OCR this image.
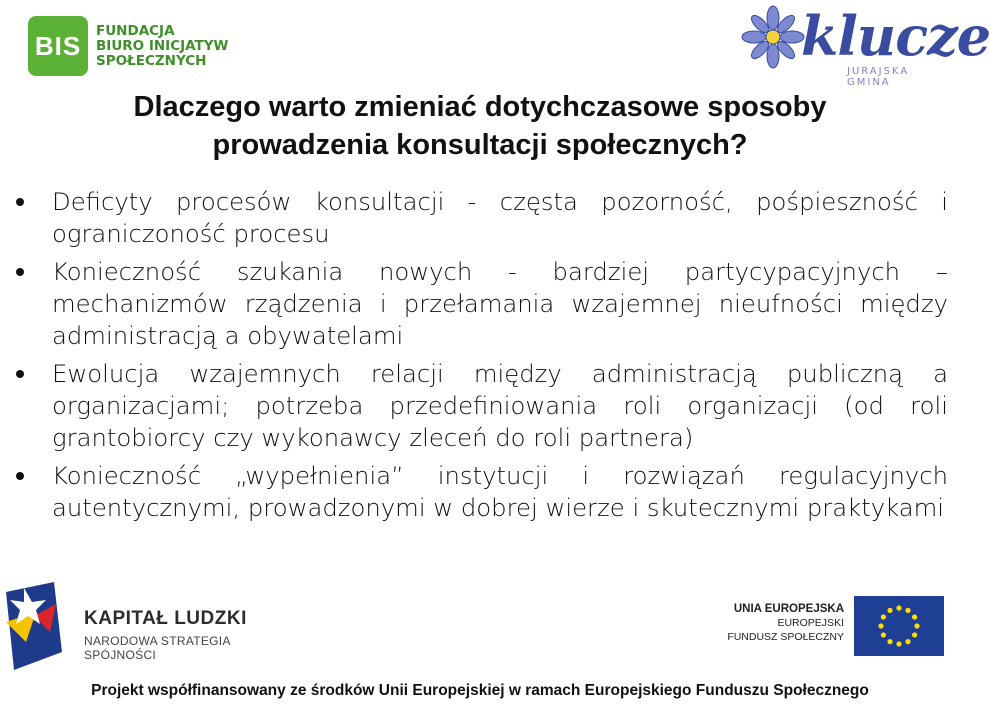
BIS	FUNDACJA
BIURO INICJATYW
SPOŁECZNYCH	klucze
JURAJSKA GMINA
Dlaczego warto zmieniać dotychczasowe sposoby
prowadzenia konsultacji społecznych?
Deficyty procesów konsultacji - częsta pozorność, pośpieszność i ograniczoność procesu
Konieczność szukania nowych - bardziej partycypacyjnych – mechanizmów rządzenia i przełamania wzajemnej nieufności między administracją a obywatelami
Ewolucja wzajemnych relacji między administracją publiczną a organizacjami; potrzeba przedefiniowania roli organizacji (od roli grantobiorcy czy wykonawcy zleceń do roli partnera)
Konieczność „wypełnienia” instytucji i rozwiązań regulacyjnych autentycznymi, prowadzonymi w dobrej wierze i skutecznymi praktykami
KAPITAŁ LUDZKI
NARODOWA STRATEGIA SPÓJNOŚCI
UNIA EUROPEJSKA
EUROPEJSKI
FUNDUSZ SPOŁECZNY
Projekt współfinansowany ze środków Unii Europejskiej w ramach Europejskiego Funduszu Społecznego
